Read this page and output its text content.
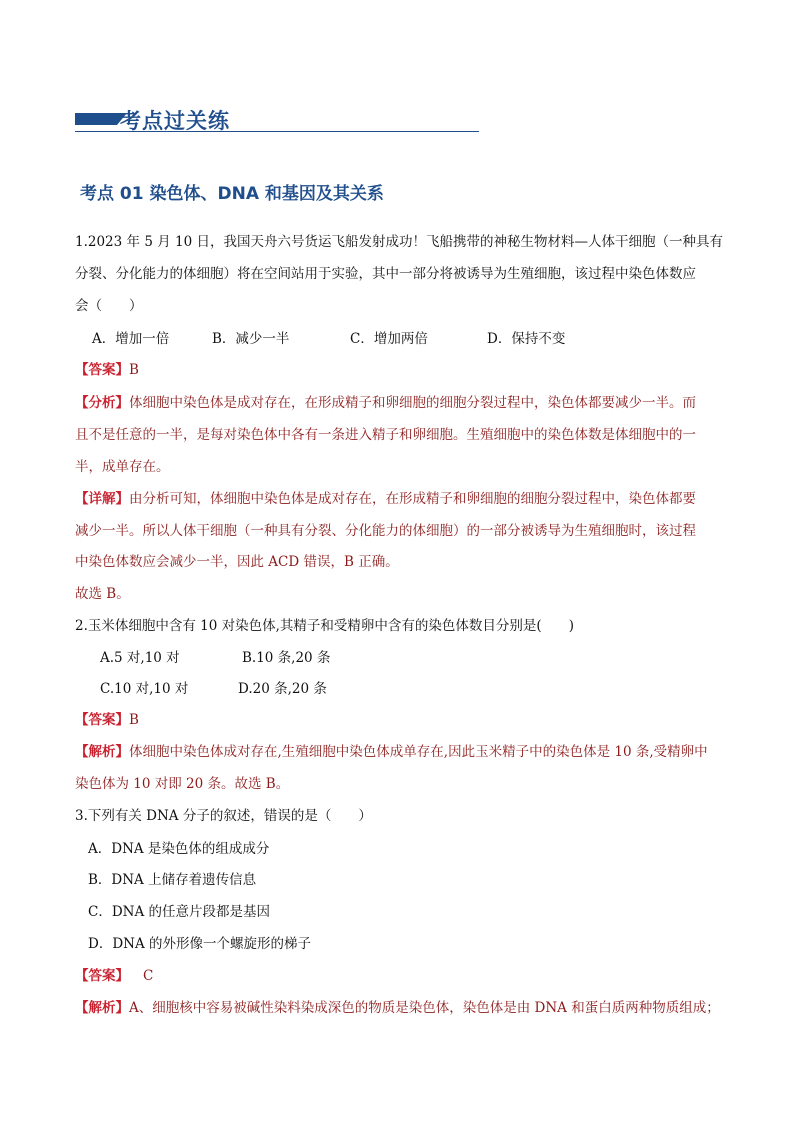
考点过关练
考点 01 染色体、DNA 和基因及其关系
1.2023 年 5 月 10 日，我国天舟六号货运飞船发射成功！飞船携带的神秘生物材料—人体干细胞（一种具有
分裂、分化能力的体细胞）将在空间站用于实验，其中一部分将被诱导为生殖细胞，该过程中染色体数应
会（　　）
A．增加一倍	B．减少一半	C．增加两倍	D．保持不变
【答案】B
【分析】体细胞中染色体是成对存在，在形成精子和卵细胞的细胞分裂过程中，染色体都要减少一半。而
且不是任意的一半，是每对染色体中各有一条进入精子和卵细胞。生殖细胞中的染色体数是体细胞中的一
半，成单存在。
【详解】由分析可知，体细胞中染色体是成对存在，在形成精子和卵细胞的细胞分裂过程中，染色体都要
减少一半。所以人体干细胞（一种具有分裂、分化能力的体细胞）的一部分被诱导为生殖细胞时，该过程
中染色体数应会减少一半，因此 ACD 错误，B 正确。
故选 B。
2.玉米体细胞中含有 10 对染色体,其精子和受精卵中含有的染色体数目分别是(　　)
A.5 对,10 对	B.10 条,20 条
C.10 对,10 对	D.20 条,20 条
【答案】B
【解析】体细胞中染色体成对存在,生殖细胞中染色体成单存在,因此玉米精子中的染色体是 10 条,受精卵中
染色体为 10 对即 20 条。故选 B。
3.下列有关 DNA 分子的叙述，错误的是（　　）
A．DNA 是染色体的组成成分
B．DNA 上储存着遗传信息
C．DNA 的任意片段都是基因
D．DNA 的外形像一个螺旋形的梯子
【答案】 C
【解析】A、细胞核中容易被碱性染料染成深色的物质是染色体，染色体是由 DNA 和蛋白质两种物质组成；
